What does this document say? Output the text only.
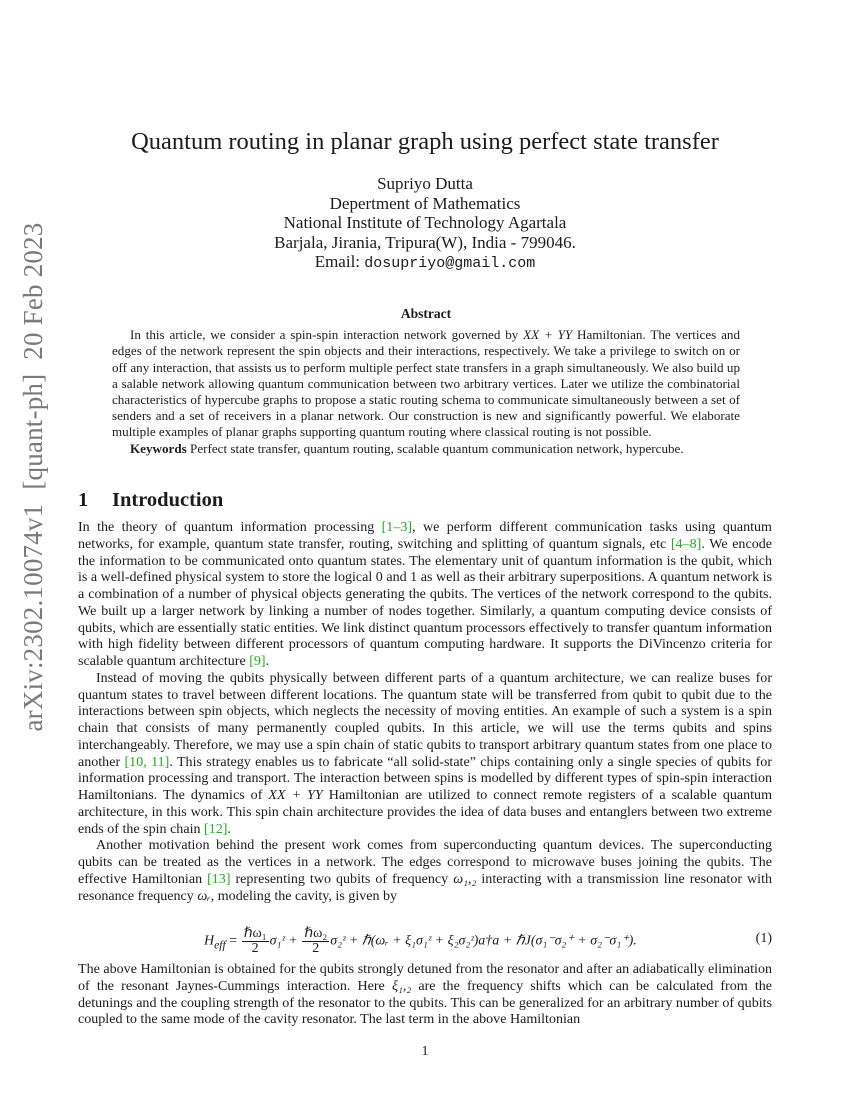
arXiv:2302.10074v1[quant-ph]20 Feb 2023
Quantum routing in planar graph using perfect state transfer
Supriyo Dutta
Depertment of Mathematics
National Institute of Technology Agartala
Barjala, Jirania, Tripura(W), India - 799046.
Email: dosupriyo@gmail.com
Abstract

In this article, we consider a spin-spin interaction network governed by XX + YY Hamiltonian. The vertices and edges of the network represent the spin objects and their interactions, respectively. We take a privilege to switch on or off any interaction, that assists us to perform multiple perfect state transfers in a graph simultaneously. We also build up a salable network allowing quantum communication between two arbitrary vertices. Later we utilize the combinatorial characteristics of hypercube graphs to propose a static routing schema to communicate simultaneously between a set of senders and a set of receivers in a planar network. Our construction is new and significantly powerful. We elaborate multiple examples of planar graphs supporting quantum routing where classical routing is not possible.

Keywords Perfect state transfer, quantum routing, scalable quantum communication network, hypercube.

1 Introduction

In the theory of quantum information processing [1–3], we perform different communication tasks using quantum networks, for example, quantum state transfer, routing, switching and splitting of quantum signals, etc [4–8]. We encode the information to be communicated onto quantum states. The elementary unit of quantum information is the qubit, which is a well-defined physical system to store the logical 0 and 1 as well as their arbitrary superpositions. A quantum network is a combination of a number of physical objects generating the qubits. The vertices of the network correspond to the qubits. We built up a larger network by linking a number of nodes together. Similarly, a quantum computing device consists of qubits, which are essentially static entities. We link distinct quantum processors effectively to transfer quantum information with high fidelity between different processors of quantum computing hardware. It supports the DiVincenzo criteria for scalable quantum architecture [9].

Instead of moving the qubits physically between different parts of a quantum architecture, we can realize buses for quantum states to travel between different locations. The quantum state will be transferred from qubit to qubit due to the interactions between spin objects, which neglects the necessity of moving entities. An example of such a system is a spin chain that consists of many permanently coupled qubits. In this article, we will use the terms qubits and spins interchangeably. Therefore, we may use a spin chain of static qubits to transport arbitrary quantum states from one place to another [10, 11]. This strategy enables us to fabricate “all solid-state” chips containing only a single species of qubits for information processing and transport. The interaction between spins is modelled by different types of spin-spin interaction Hamiltonians. The dynamics of XX + YY Hamiltonian are utilized to connect remote registers of a scalable quantum architecture, in this work. This spin chain architecture provides the idea of data buses and entanglers between two extreme ends of the spin chain [12].

Another motivation behind the present work comes from superconducting quantum devices. The superconducting qubits can be treated as the vertices in a network. The edges correspond to microwave buses joining the qubits. The effective Hamiltonian [13] representing two qubits of frequency ω₁,₂ interacting with a transmission line resonator with resonance frequency ωᵣ, modeling the cavity, is given by

$H_{eff} = \frac{\text{ℏω₁}}{2}$ σ₁ᶻ + $\frac{\text{ℏω₂}}{2}$ σ₂ᶻ + ℏ(ωᵣ + ξ₁σ₁ᶻ + ξ₂σ₂ᶻ)a†a + ℏJ(σ₁⁻σ₂⁺ + σ₂⁻σ₁⁺).	(1)

The above Hamiltonian is obtained for the qubits strongly detuned from the resonator and after an adiabatically elimination of the resonant Jaynes-Cummings interaction. Here ξ₁,₂ are the frequency shifts which can be calculated from the detunings and the coupling strength of the resonator to the qubits. This can be generalized for an arbitrary number of qubits coupled to the same mode of the cavity resonator. The last term in the above Hamiltonian

1
